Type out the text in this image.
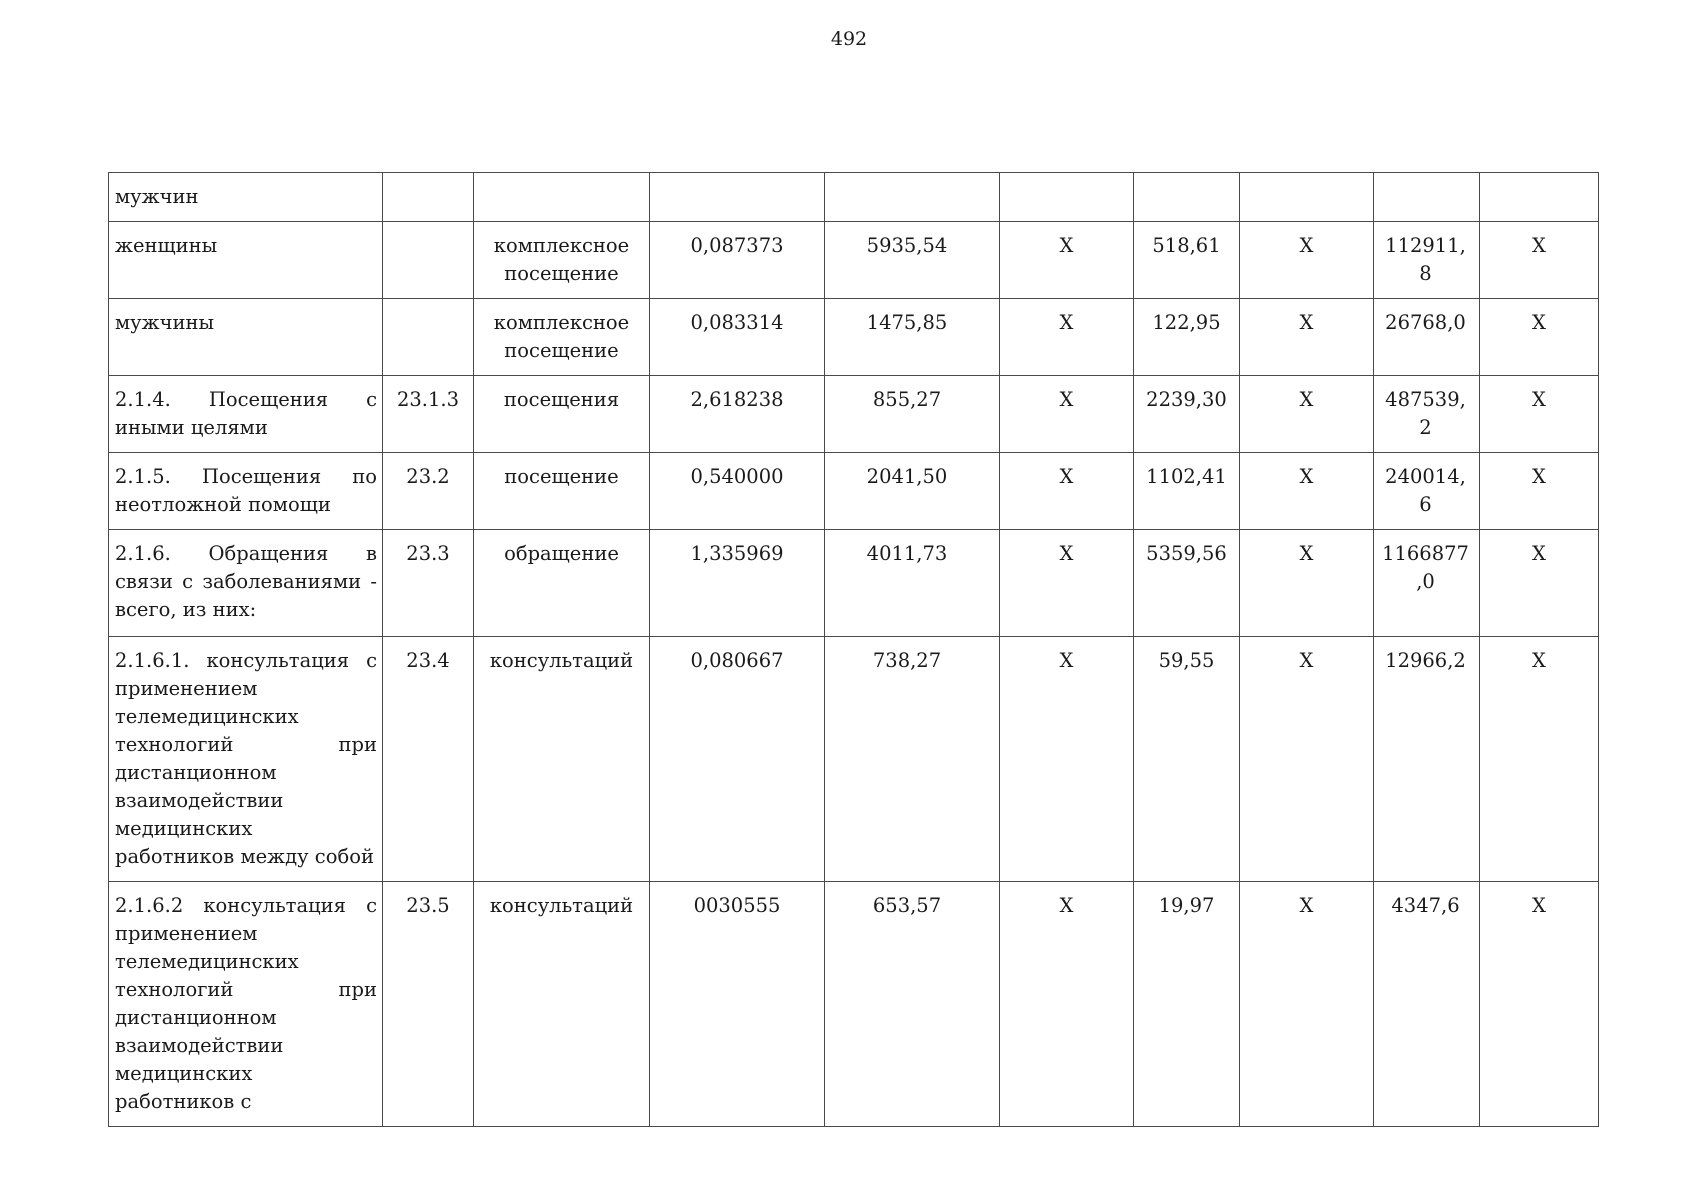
492
мужчин									
женщины		комплексное посещение	0,087373	5935,54	X	518,61	X	112911,8	X
мужчины		комплексное посещение	0,083314	1475,85	X	122,95	X	26768,0	X
2.1.4. Посещения с иными целями	23.1.3	посещения	2,618238	855,27	X	2239,30	X	487539,2	X
2.1.5. Посещения по неотложной помощи	23.2	посещение	0,540000	2041,50	X	1102,41	X	240014,6	X
2.1.6. Обращения в связи с заболеваниями - всего, из них:	23.3	обращение	1,335969	4011,73	X	5359,56	X	1166877,0	X
2.1.6.1. консультация с применением телемедицинских технологий при дистанционном взаимодействии медицинских работников между собой	23.4	консультаций	0,080667	738,27	X	59,55	X	12966,2	X
2.1.6.2 консультация с применением телемедицинских технологий при дистанционном взаимодействии медицинских работников с	23.5	консультаций	0030555	653,57	X	19,97	X	4347,6	X
